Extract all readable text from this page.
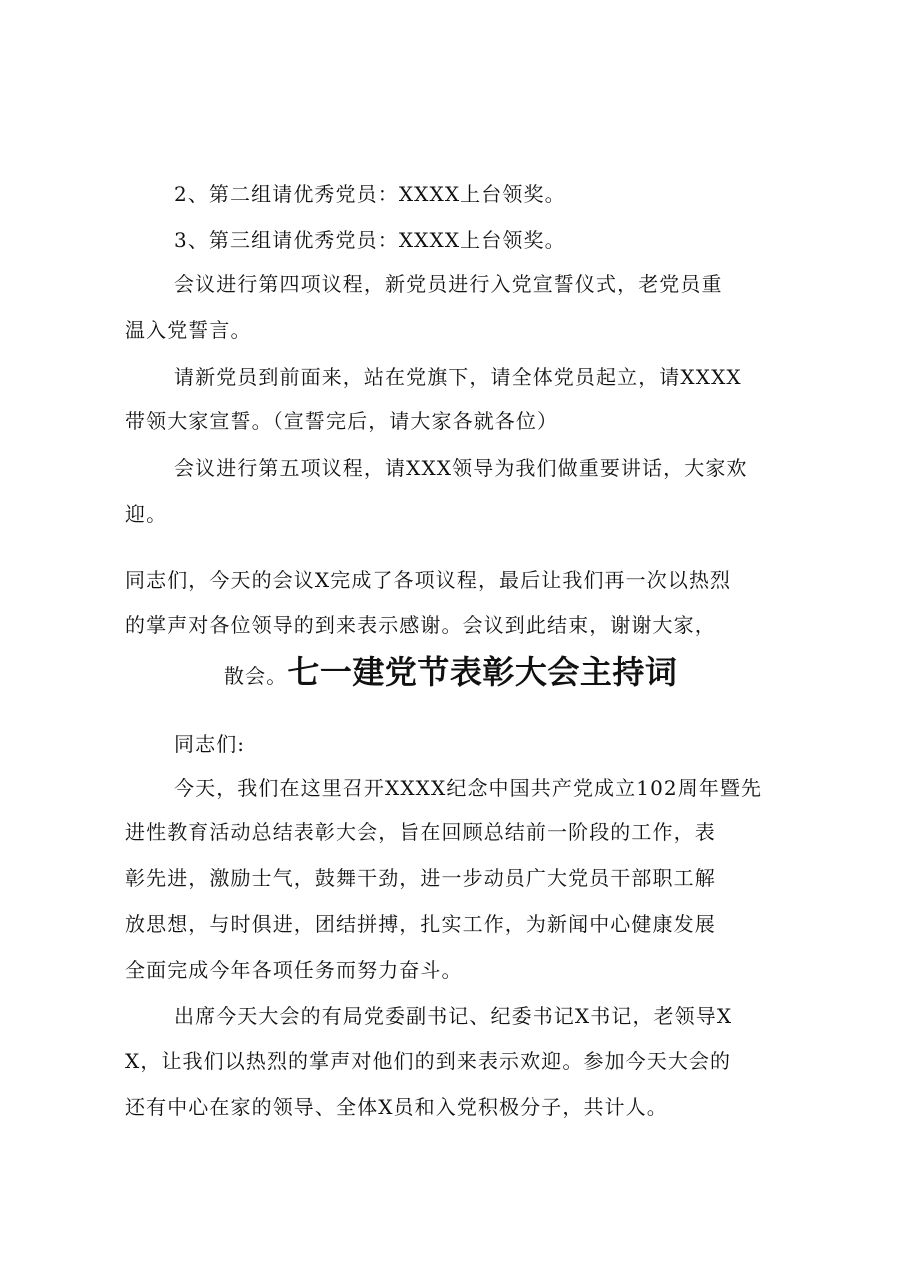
2、第二组请优秀党员：XXXX上台领奖。
3、第三组请优秀党员：XXXX上台领奖。
会议进行第四项议程，新党员进行入党宣誓仪式，老党员重
温入党誓言。
请新党员到前面来，站在党旗下，请全体党员起立，请XXXX
带领大家宣誓。（宣誓完后，请大家各就各位）
会议进行第五项议程，请XXX领导为我们做重要讲话，大家欢
迎。
同志们，今天的会议X完成了各项议程，最后让我们再一次以热烈
的掌声对各位领导的到来表示感谢。会议到此结束，谢谢大家，
散会。七一建党节表彰大会主持词
同志们:
今天，我们在这里召开XXXX纪念中国共产党成立102周年暨先
进性教育活动总结表彰大会，旨在回顾总结前一阶段的工作，表
彰先进，激励士气，鼓舞干劲，进一步动员广大党员干部职工解
放思想，与时俱进，团结拼搏，扎实工作，为新闻中心健康发展
全面完成今年各项任务而努力奋斗。
出席今天大会的有局党委副书记、纪委书记X书记，老领导X
X，让我们以热烈的掌声对他们的到来表示欢迎。参加今天大会的
还有中心在家的领导、全体X员和入党积极分子，共计人。
